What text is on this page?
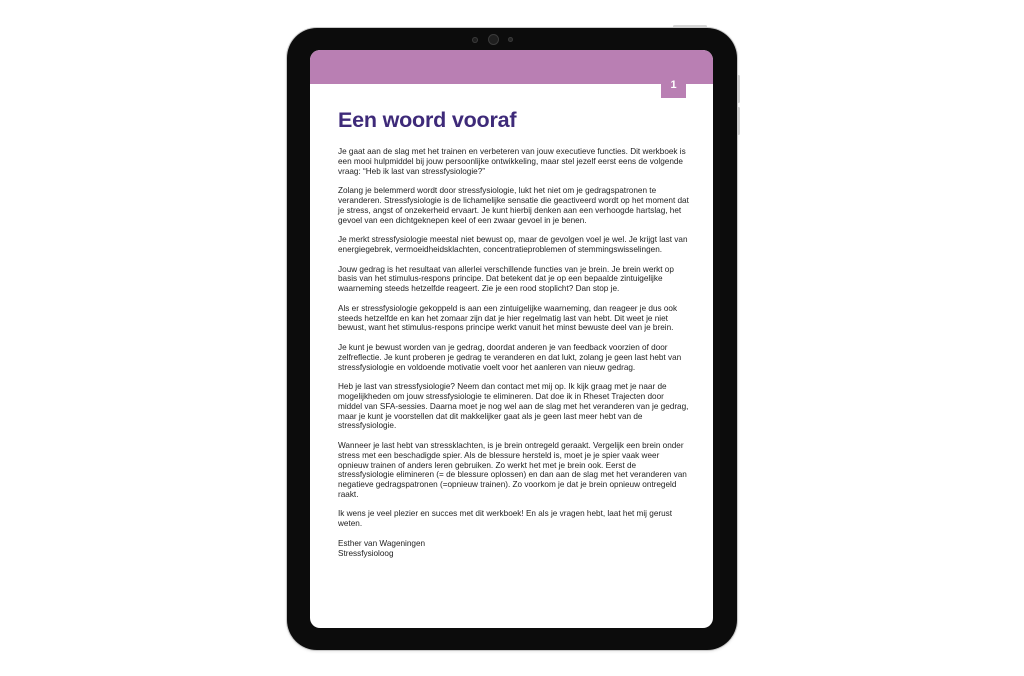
1
Een woord vooraf

Je gaat aan de slag met het trainen en verbeteren van jouw executieve functies. Dit werkboek is een mooi hulpmiddel bij jouw persoonlijke ontwikkeling, maar stel jezelf eerst eens de volgende vraag: “Heb ik last van stressfysiologie?”

Zolang je belemmerd wordt door stressfysiologie, lukt het niet om je gedragspatronen te veranderen. Stressfysiologie is de lichamelijke sensatie die geactiveerd wordt op het moment dat je stress, angst of onzekerheid ervaart. Je kunt hierbij denken aan een verhoogde hartslag, het gevoel van een dichtgeknepen keel of een zwaar gevoel in je benen.

Je merkt stressfysiologie meestal niet bewust op, maar de gevolgen voel je wel. Je krijgt last van energiegebrek, vermoeidheidsklachten, concentratieproblemen of stemmingswisselingen.

Jouw gedrag is het resultaat van allerlei verschillende functies van je brein. Je brein werkt op basis van het stimulus-respons principe. Dat betekent dat je op een bepaalde zintuigelijke waarneming steeds hetzelfde reageert. Zie je een rood stoplicht? Dan stop je.

Als er stressfysiologie gekoppeld is aan een zintuigelijke waarneming, dan reageer je dus ook steeds hetzelfde en kan het zomaar zijn dat je hier regelmatig last van hebt. Dit weet je niet bewust, want het stimulus-respons principe werkt vanuit het minst bewuste deel van je brein.

Je kunt je bewust worden van je gedrag, doordat anderen je van feedback voorzien of door zelfreflectie. Je kunt proberen je gedrag te veranderen en dat lukt, zolang je geen last hebt van stressfysiologie en voldoende motivatie voelt voor het aanleren van nieuw gedrag.

Heb je last van stressfysiologie? Neem dan contact met mij op. Ik kijk graag met je naar de mogelijkheden om jouw stressfysiologie te elimineren. Dat doe ik in Rheset Trajecten door middel van SFA-sessies. Daarna moet je nog wel aan de slag met het veranderen van je gedrag, maar je kunt je voorstellen dat dit makkelijker gaat als je geen last meer hebt van de stressfysiologie.

Wanneer je last hebt van stressklachten, is je brein ontregeld geraakt. Vergelijk een brein onder stress met een beschadigde spier. Als de blessure hersteld is, moet je je spier vaak weer opnieuw trainen of anders leren gebruiken. Zo werkt het met je brein ook. Eerst de stressfysiologie elimineren (= de blessure oplossen) en dan aan de slag met het veranderen van negatieve gedragspatronen (=opnieuw trainen). Zo voorkom je dat je brein opnieuw ontregeld raakt.

Ik wens je veel plezier en succes met dit werkboek! En als je vragen hebt, laat het mij gerust weten.

Esther van Wageningen

Stressfysioloog
